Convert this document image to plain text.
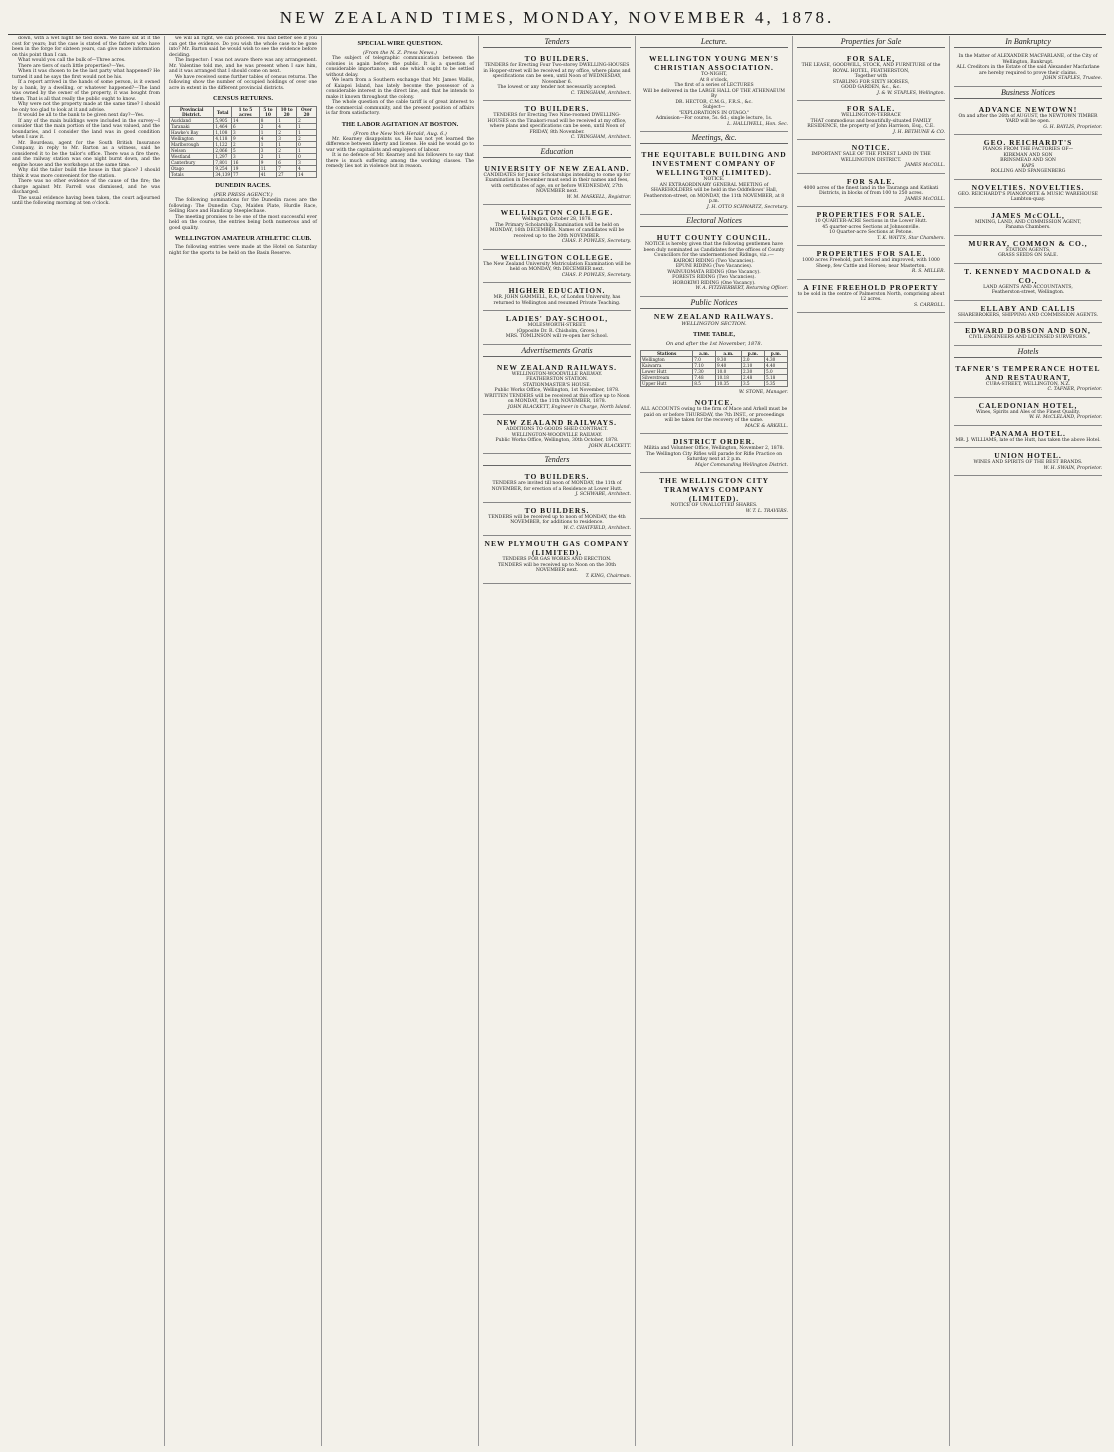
NEW ZEALAND TIMES, MONDAY, NOVEMBER 4, 1878.

down, with a wet night he tied down. We have sat at it the cost for years; but the case is stated of the fathers who have been in the forge for sixteen years, can give more information on this point than I can.

What would you call the bulk of—Three acres.

There are tiers of such little properties?—Yes.

When it was chosen to be the last party what happened? He turned it and he says the first would not be his.

If a report arrived in the hands of some person, is it owned by a bank, by a dwelling, or whatever happened?—The land was owned by the owner of the property, it was bought from them. That is all that really the public ought to know.

Why were not the property made at the same time? I should be only too glad to look at it and advise.

It would be all to the bank to be given next day?—Yes.

If any of the main buildings were included in the survey—I consider that the main portion of the land was valued, and the boundaries, and I consider the land was in good condition when I saw it.

Mr. Bourdeau, agent for the South British Insurance Company, in reply to Mr. Barton as a witness, said he considered it to be the tailor's office. There was a fire there, and the railway station was one night burnt down, and the engine house and the workshops at the same time.

Why did the tailor build the house in that place? I should think it was more convenient for the station.

There was no other evidence of the cause of the fire; the charge against Mr. Farrell was dismissed, and he was discharged.

The usual evidence having been taken, the court adjourned until the following morning at ten o'clock.

we will all right, we can proceed. You had better see if you can get the evidence. Do you wish the whole case to be gone into? Mr. Barton said he would wish to see the evidence before deciding.

The Inspector: I was not aware there was any arrangement. Mr. Valentine told me, and he was present when I saw him, and it was arranged that I should come on next.

We have received some further tables of census returns. The following show the number of occupied holdings of over one acre in extent in the different provincial districts.

CENSUS RETURNS.
Provincial District.	Total	1 to 5 acres	5 to 10	10 to 20	Over 20
Auckland	5,905	14	8	1	2
Taranaki	1,464	6	2	4	1
Hawke's Bay	1,108	3	1	2	1
Wellington	4,118	9	4	3	2
Marlborough	1,122	2	1	1	0
Nelson	2,066	5	3	2	1
Westland	1,297	3	2	1	0
Canterbury	7,801	16	9	6	3
Otago	9,254	19	11	7	4
Totals	34,139	77	41	27	14
DUNEDIN RACES.
(PER PRESS AGENCY.)

The following nominations for the Dunedin races are the following: The Dunedin Cup, Maiden Plate, Hurdle Race, Selling Race and Handicap Steeplechase.

The meeting promises to be one of the most successful ever held on the course, the entries being both numerous and of good quality.

WELLINGTON AMATEUR ATHLETIC CLUB.

The following entries were made at the Hotel on Saturday night for the sports to be held on the Basin Reserve.

SPECIAL WIRE QUESTION.
(From the N. Z. Press News.)

The subject of telegraphic communication between the colonies is again before the public. It is a question of considerable importance, and one which ought to be settled without delay.

We learn from a Southern exchange that Mr. James Wallis, of Kaiapoi Island, has lately become the possessor of a considerable interest in the direct line, and that he intends to make it known throughout the colony.

The whole question of the cable tariff is of great interest to the commercial community, and the present position of affairs is far from satisfactory.

THE LABOR AGITATION AT BOSTON.
(From the New York Herald, Aug. 6.)

Mr. Kearney disappoints us. He has not yet learned the difference between liberty and license. He said he would go to war with the capitalists and employers of labour.

It is no defence of Mr. Kearney and his followers to say that there is much suffering among the working classes. The remedy lies not in violence but in reason.

Tenders
TO BUILDERS.
TENDERS for Erecting Four Two-storey DWELLING-HOUSES in Hopper-street will be received at my office, where plans and specifications can be seen, until Noon of WEDNESDAY, November 6.
The lowest or any tender not necessarily accepted.
C. TRINGHAM, Architect.
TO BUILDERS.
TENDERS for Erecting Two Nine-roomed DWELLING-HOUSES on the Tinakori-road will be received at my office, where plans and specifications can be seen, until Noon of FRIDAY, 8th November.
C. TRINGHAM, Architect.
Education
UNIVERSITY OF NEW ZEALAND.
CANDIDATES for Junior Scholarships intending to come up for Examination in December must send in their names and fees, with certificates of age, on or before WEDNESDAY, 27th NOVEMBER next.
W. M. MASKELL, Registrar.
WELLINGTON COLLEGE.
Wellington, October 28, 1878.
The Primary Scholarship Examination will be held on MONDAY, 16th DECEMBER. Names of candidates will be received up to the 20th NOVEMBER.
CHAS. P. POWLES, Secretary.
WELLINGTON COLLEGE.
The New Zealand University Matriculation Examination will be held on MONDAY, 9th DECEMBER next.
CHAS. P. POWLES, Secretary.
HIGHER EDUCATION.
MR. JOHN GAMMELL, B.A., of London University, has returned to Wellington and resumed Private Teaching.
LADIES' DAY-SCHOOL,
MOLESWORTH-STREET.
(Opposite Dr. R. Chisholm, Grove.)
MRS. TOMLINSON will re-open her School.
Advertisements Gratis
NEW ZEALAND RAILWAYS.
WELLINGTON-WOODVILLE RAILWAY.
FEATHERSTON STATION.
STATIONMASTER'S HOUSE.
Public Works Office, Wellington, 1st November, 1878.
WRITTEN TENDERS will be received at this office up to Noon on MONDAY, the 11th NOVEMBER, 1878.
JOHN BLACKETT, Engineer in Charge, North Island.
NEW ZEALAND RAILWAYS.
ADDITIONS TO GOODS SHED CONTRACT.
WELLINGTON-WOODVILLE RAILWAY.
Public Works Office, Wellington, 30th October, 1878.
JOHN BLACKETT.
Tenders
TO BUILDERS.
TENDERS are invited till noon of MONDAY, the 11th of NOVEMBER, for erection of a Residence at Lower Hutt.
J. SCHWABE, Architect.
TO BUILDERS.
TENDERS will be received up to noon of MONDAY, the 4th NOVEMBER, for additions to residence.
W. C. CHATFIELD, Architect.
NEW PLYMOUTH GAS COMPANY (LIMITED).
TENDERS FOR GAS WORKS AND ERECTION.
TENDERS will be received up to Noon on the 30th NOVEMBER next.
T. KING, Chairman.
Lecture.
WELLINGTON YOUNG MEN'S CHRISTIAN ASSOCIATION.
TO-NIGHT,
At 8 o'clock,
The first of a series of LECTURES
Will be delivered in the LARGE HALL OF THE ATHENAEUM
By
DR. HECTOR, C.M.G., F.R.S., &c.
Subject—
"EXPLORATIONS IN OTAGO."
Admission—For course, 5s. 6d.; single lecture, 1s.
L. HALLIWELL, Hon. Sec.
Meetings, &c.
THE EQUITABLE BUILDING AND INVESTMENT COMPANY OF WELLINGTON (LIMITED).
NOTICE.
AN EXTRAORDINARY GENERAL MEETING of SHAREHOLDERS will be held in the Oddfellows' Hall, Featherston-street, on MONDAY, the 11th NOVEMBER, at 8 p.m.
J. H. OTTO SCHWARTZ, Secretary.
Electoral Notices
HUTT COUNTY COUNCIL.
NOTICE is hereby given that the following gentlemen have been duly nominated as Candidates for the offices of County Councillors for the undermentioned Ridings, viz.:—
KAIROKI RIDING (Two Vacancies).
EPUNI RIDING (Two Vacancies).
WAINUIOMATA RIDING (One Vacancy).
FORESTS RIDING (Two Vacancies).
HOROKIWI RIDING (One Vacancy).
W. A. FITZHERBERT, Returning Officer.
Public Notices
NEW ZEALAND RAILWAYS.
WELLINGTON SECTION.
TIME TABLE,
On and after the 1st November, 1878.
Stations	a.m.	a.m.	p.m.	p.m.
Wellington	7.0	9.30	2.0	4.30
Kaiwarra	7.10	9.40	2.10	4.40
Lower Hutt	7.30	10.0	2.30	5.0
Silverstream	7.48	10.18	2.48	5.18
Upper Hutt	8.5	10.35	3.5	5.35
W. STONE, Manager.
NOTICE.
ALL ACCOUNTS owing to the firm of Mace and Arkell must be paid on or before THURSDAY, the 7th INST., or proceedings will be taken for the recovery of the same.
MACE & ARKELL.
DISTRICT ORDER.
Militia and Volunteer Office, Wellington, November 2, 1878.
The Wellington City Rifles will parade for Rifle Practice on Saturday next at 2 p.m.
Major Commanding Wellington District.
THE WELLINGTON CITY TRAMWAYS COMPANY (LIMITED).
NOTICE OF UNALLOTTED SHARES.
W. T. L. TRAVERS.
Properties for Sale
FOR SALE,
THE LEASE, GOODWILL, STOCK, AND FURNITURE of the
ROYAL HOTEL, FEATHERSTON,
Together with
STABLING FOR SIXTY HORSES,
GOOD GARDEN, &c., &c.
J. & W. STAPLES, Wellington.
FOR SALE.
WELLINGTON-TERRACE
THAT commodious and beautifully-situated FAMILY RESIDENCE, the property of John Harrison, Esq., C.E.
J. H. BETHUNE & CO.
NOTICE.
IMPORTANT SALE OF THE FINEST LAND IN THE WELLINGTON DISTRICT.
JAMES McCOLL.
FOR SALE.
4000 acres of the finest land in the Tauranga and Katikati Districts, in blocks of from 100 to 250 acres.
JAMES McCOLL.
PROPERTIES FOR SALE.
10 QUARTER-ACRE Sections in the Lower Hutt.
45 quarter-acres Sections at Johnsonville.
10 Quarter-acre Sections at Petone.
T. K. WATTS, Star Chambers.
PROPERTIES FOR SALE.
1000 acres Freehold, part fenced and improved, with 1000 Sheep, few Cattle and Horses; near Masterton.
R. S. MILLER.
A FINE FREEHOLD PROPERTY
to be sold in the centre of Palmerston North, comprising about 12 acres.
S. CARROLL.
In Bankruptcy
In the Matter of ALEXANDER MACFARLANE, of the City of Wellington, Bankrupt.
ALL Creditors in the Estate of the said Alexander Macfarlane are hereby required to prove their claims.
JOHN STAPLES, Trustee.
Business Notices
ADVANCE NEWTOWN!
On and after the 26th of AUGUST, the NEWTOWN TIMBER YARD will be open.
G. H. BAYLIS, Proprietor.
GEO. REICHARDT'S
PIANOS FROM THE FACTORIES OF—
KIRKMAN AND SON
BRINSMEAD AND SON
KAPS
ROLLING AND SPANGENBERG
NOVELTIES. NOVELTIES.
GEO. REICHARDT'S PIANOFORTE & MUSIC WAREHOUSE
Lambton-quay.
JAMES McCOLL,
MINING, LAND, AND COMMISSION AGENT,
Panama Chambers.
MURRAY, COMMON & CO.,
STATION AGENTS,
GRASS SEEDS ON SALE.
T. KENNEDY MACDONALD & CO.,
LAND AGENTS AND ACCOUNTANTS,
Featherston-street, Wellington.
ELLABY AND CALLIS
SHAREBROKERS, SHIPPING AND COMMISSION AGENTS.
EDWARD DOBSON AND SON,
CIVIL ENGINEERS AND LICENSED SURVEYORS.
Hotels
TAFNER'S TEMPERANCE HOTEL AND RESTAURANT,
CUBA-STREET, WELLINGTON, N.Z.
C. TAFNER, Proprietor.
CALEDONIAN HOTEL,
Wines, Spirits and Ales of the Finest Quality.
W. H. McCLELAND, Proprietor.
PANAMA HOTEL.
MR. J. WILLIAMS, late of the Hutt, has taken the above Hotel.
UNION HOTEL.
WINES AND SPIRITS OF THE BEST BRANDS.
W. H. SWAIN, Proprietor.
